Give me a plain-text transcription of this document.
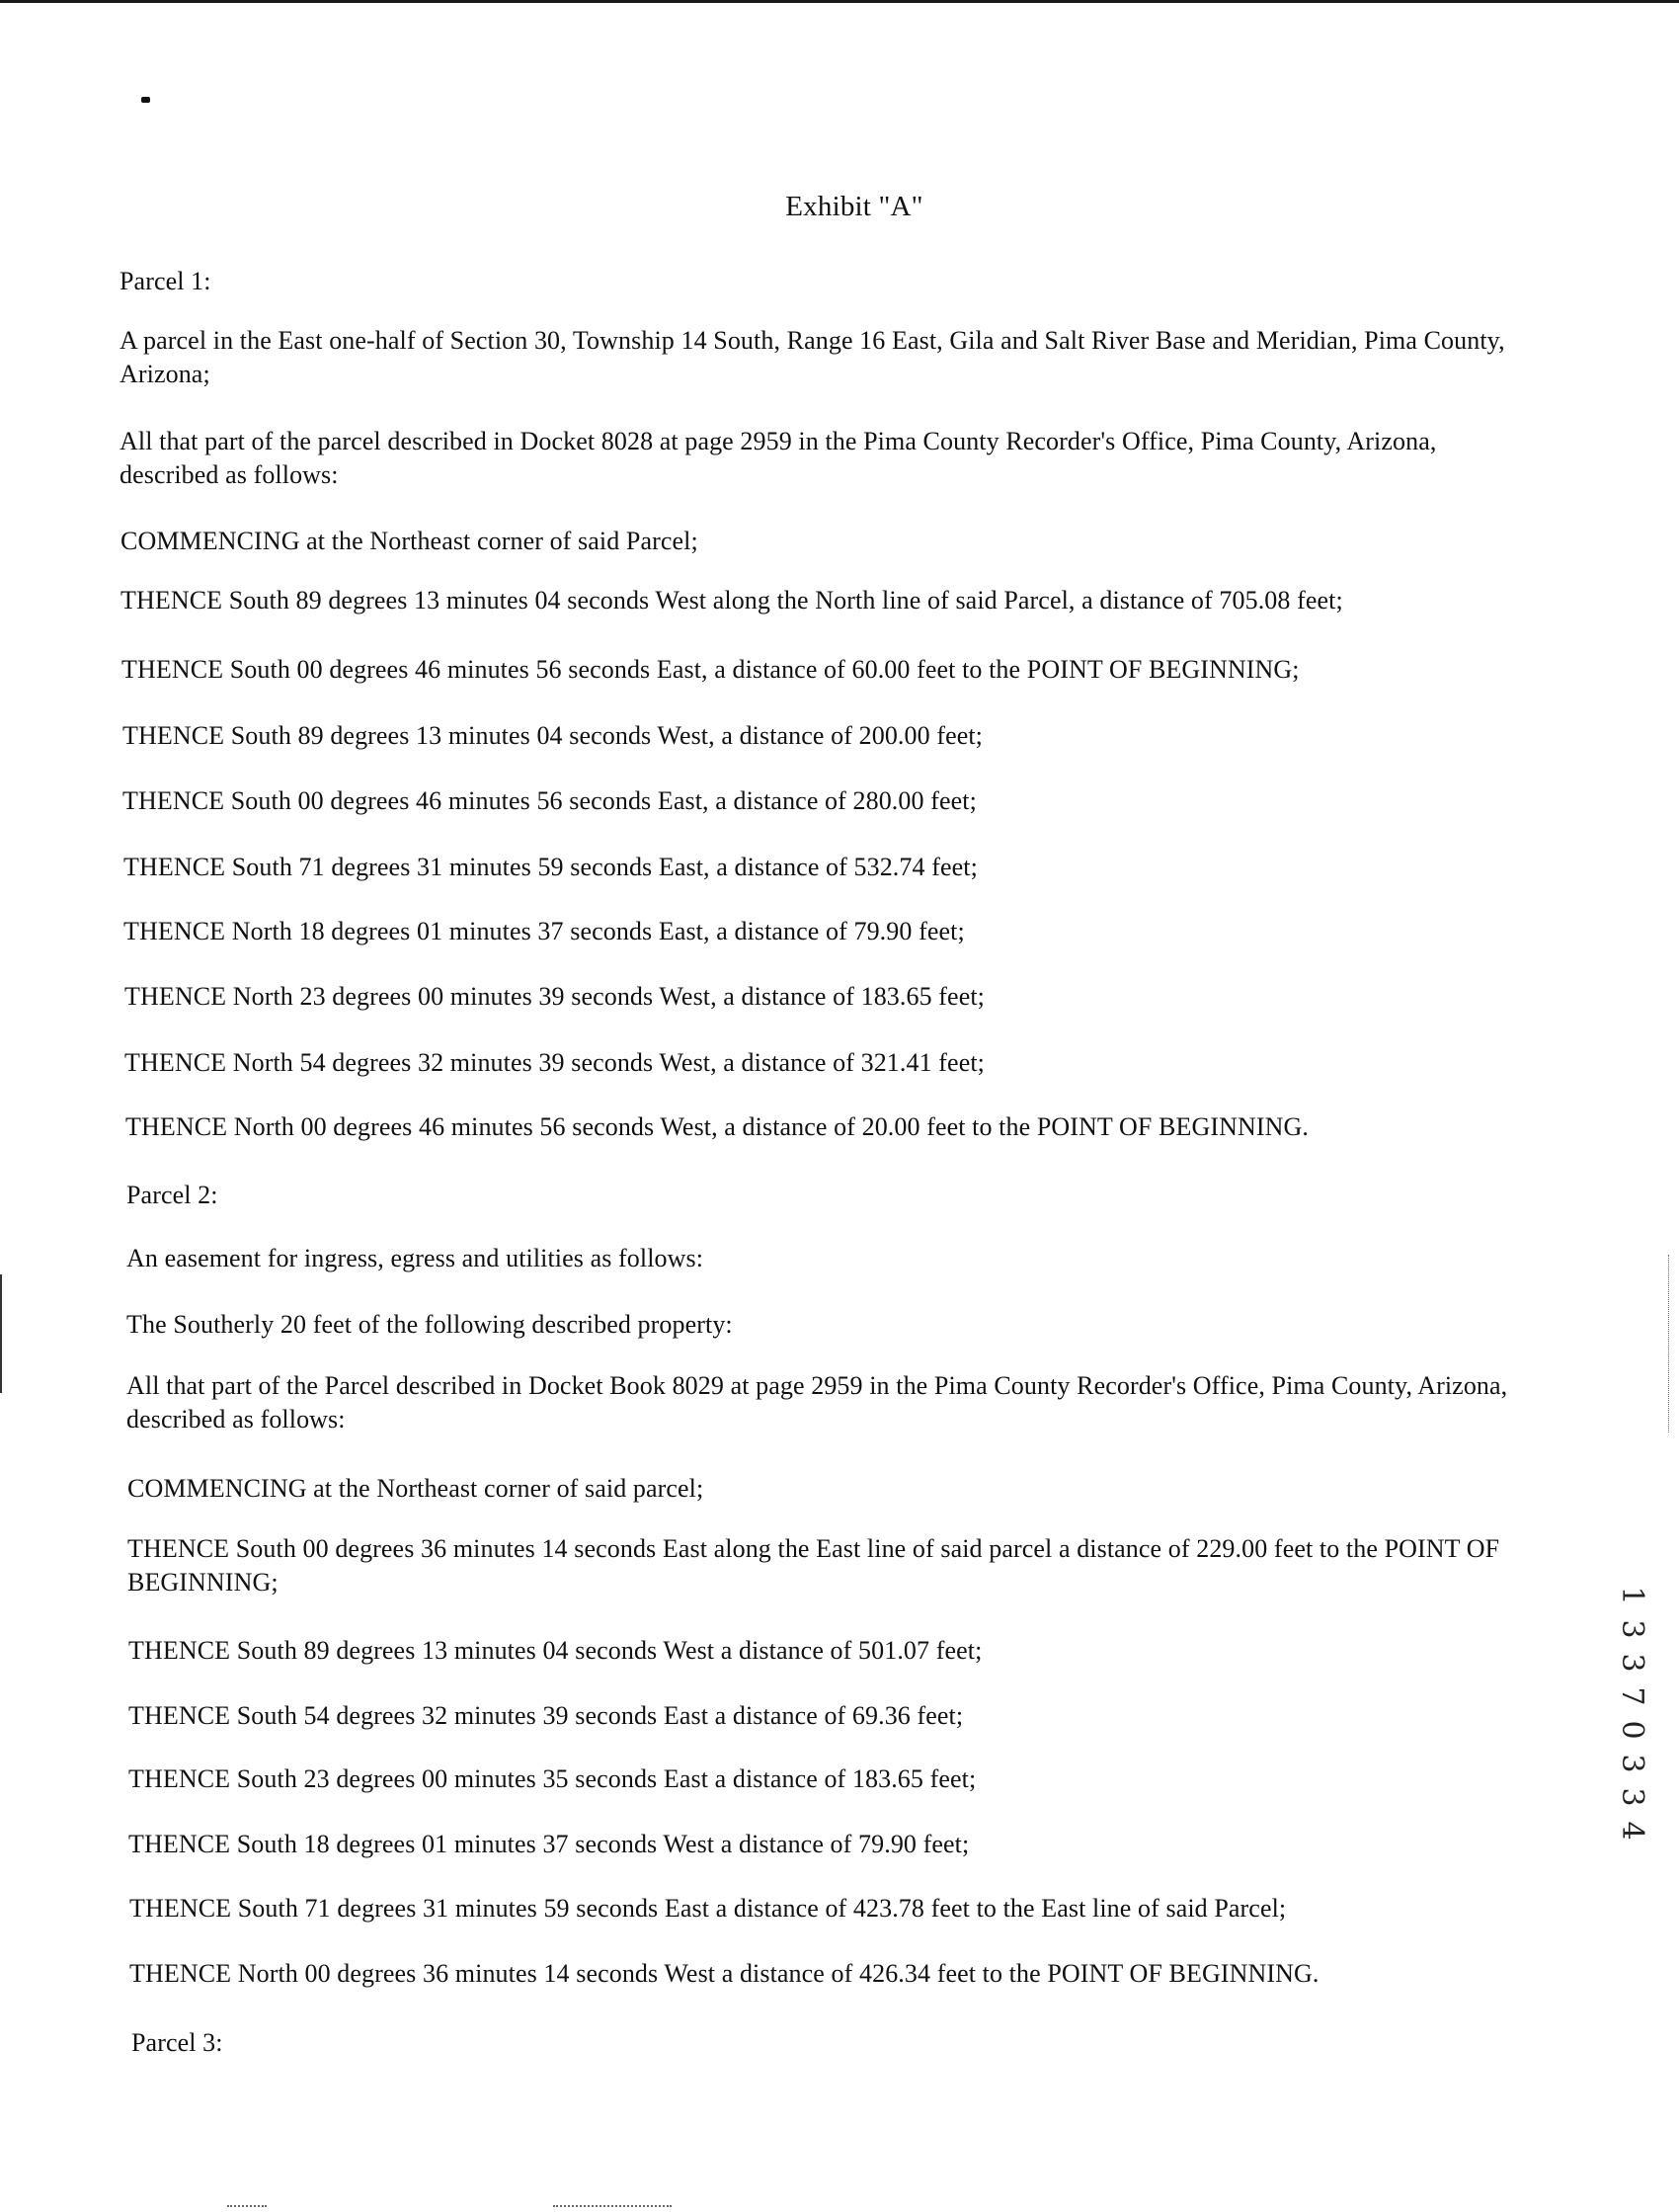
Exhibit "A"
Parcel 1:
A parcel in the East one-half of Section 30, Township 14 South, Range 16 East, Gila and Salt River Base and Meridian, Pima County, Arizona;
All that part of the parcel described in Docket 8028 at page 2959 in the Pima County Recorder's Office, Pima County, Arizona, described as follows:
COMMENCING at the Northeast corner of said Parcel;
THENCE South 89 degrees 13 minutes 04 seconds West along the North line of said Parcel, a distance of 705.08 feet;
THENCE South 00 degrees 46 minutes 56 seconds East, a distance of 60.00 feet to the POINT OF BEGINNING;
THENCE South 89 degrees 13 minutes 04 seconds West, a distance of 200.00 feet;
THENCE South 00 degrees 46 minutes 56 seconds East, a distance of 280.00 feet;
THENCE South 71 degrees 31 minutes 59 seconds East, a distance of 532.74 feet;
THENCE North 18 degrees 01 minutes 37 seconds East, a distance of 79.90 feet;
THENCE North 23 degrees 00 minutes 39 seconds West, a distance of 183.65 feet;
THENCE North 54 degrees 32 minutes 39 seconds West, a distance of 321.41 feet;
THENCE North 00 degrees 46 minutes 56 seconds West, a distance of 20.00 feet to the POINT OF BEGINNING.
Parcel 2:
An easement for ingress, egress and utilities as follows:
The Southerly 20 feet of the following described property:
All that part of the Parcel described in Docket Book 8029 at page 2959 in the Pima County Recorder's Office, Pima County, Arizona, described as follows:
COMMENCING at the Northeast corner of said parcel;
THENCE South 00 degrees 36 minutes 14 seconds East along the East line of said parcel a distance of 229.00 feet to the POINT OF BEGINNING;
THENCE South 89 degrees 13 minutes 04 seconds West a distance of 501.07 feet;
THENCE South 54 degrees 32 minutes 39 seconds East a distance of 69.36 feet;
THENCE South 23 degrees 00 minutes 35 seconds East a distance of 183.65 feet;
THENCE South 18 degrees 01 minutes 37 seconds West a distance of 79.90 feet;
THENCE South 71 degrees 31 minutes 59 seconds East a distance of 423.78 feet to the East line of said Parcel;
THENCE North 00 degrees 36 minutes 14 seconds West a distance of 426.34 feet to the POINT OF BEGINNING.
Parcel 3:
1
3
3
7
0
3
3
4
